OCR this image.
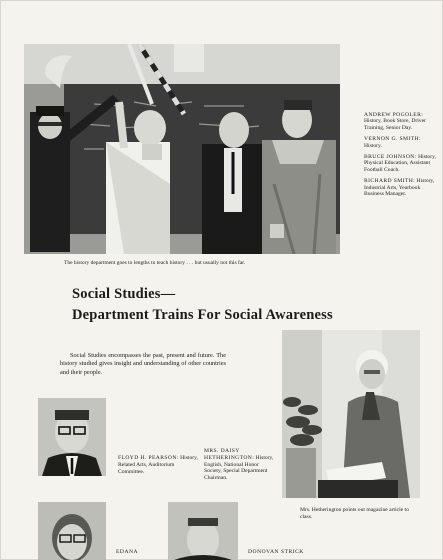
The history department goes to lengths to teach history . . . but usually not this far.
ANDREW POGOLER: History, Book Store, Driver Training, Senior Day.
VERNON G. SMITH: History.
BRUCE JOHNSON: History, Physical Education, Assistant Football Coach.
RICHARD SMITH: History, Industrial Arts, Yearbook Business Manager.
Social Studies—
Department Trains For Social Awareness
Social Studies encompasses the past, present and future. The history studied gives insight and understanding of other countries and their people.
Mrs. Hetherington points out magazine article to class.
FLOYD H. PEARSON: History, Related Arts, Auditorium Committee.
MRS. DAISY HETHERINGTON: History, English, National Honor Society, Special Department Chairman.
EDANA	DONOVAN STRICK
